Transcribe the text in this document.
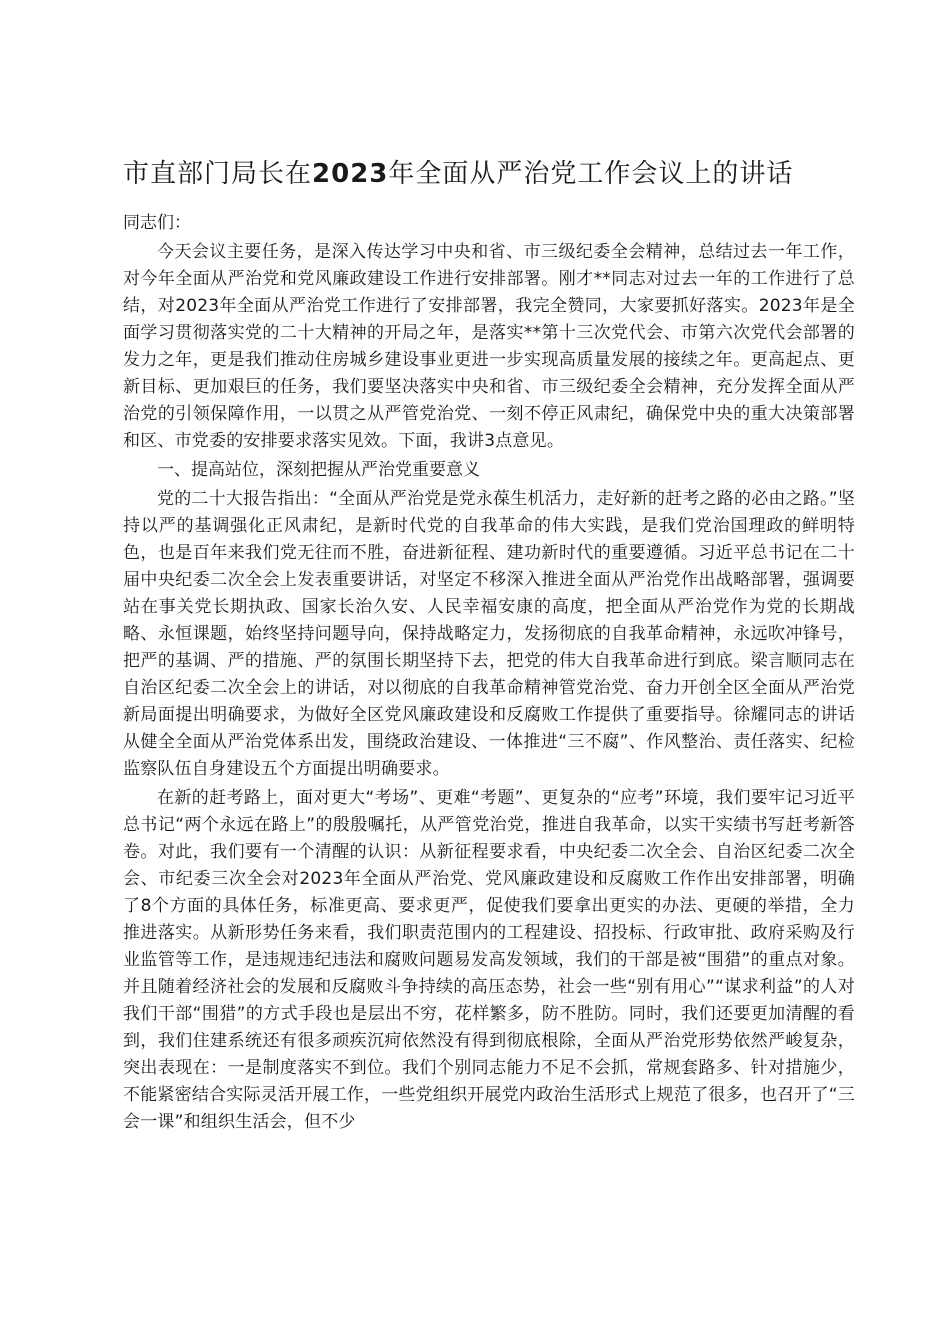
市直部门局长在2023年全面从严治党工作会议上的讲话

同志们：

今天会议主要任务，是深入传达学习中央和省、市三级纪委全会精神，总结过去一年工作，对今年全面从严治党和党风廉政建设工作进行安排部署。刚才**同志对过去一年的工作进行了总结，对2023年全面从严治党工作进行了安排部署，我完全赞同，大家要抓好落实。2023年是全面学习贯彻落实党的二十大精神的开局之年，是落实**第十三次党代会、市第六次党代会部署的发力之年，更是我们推动住房城乡建设事业更进一步实现高质量发展的接续之年。更高起点、更新目标、更加艰巨的任务，我们要坚决落实中央和省、市三级纪委全会精神，充分发挥全面从严治党的引领保障作用，一以贯之从严管党治党、一刻不停正风肃纪，确保党中央的重大决策部署和区、市党委的安排要求落实见效。下面，我讲3点意见。

一、提高站位，深刻把握从严治党重要意义

党的二十大报告指出：“全面从严治党是党永葆生机活力，走好新的赶考之路的必由之路。”坚持以严的基调强化正风肃纪，是新时代党的自我革命的伟大实践，是我们党治国理政的鲜明特色，也是百年来我们党无往而不胜，奋进新征程、建功新时代的重要遵循。习近平总书记在二十届中央纪委二次全会上发表重要讲话，对坚定不移深入推进全面从严治党作出战略部署，强调要站在事关党长期执政、国家长治久安、人民幸福安康的高度，把全面从严治党作为党的长期战略、永恒课题，始终坚持问题导向，保持战略定力，发扬彻底的自我革命精神，永远吹冲锋号，把严的基调、严的措施、严的氛围长期坚持下去，把党的伟大自我革命进行到底。梁言顺同志在自治区纪委二次全会上的讲话，对以彻底的自我革命精神管党治党、奋力开创全区全面从严治党新局面提出明确要求，为做好全区党风廉政建设和反腐败工作提供了重要指导。徐耀同志的讲话从健全全面从严治党体系出发，围绕政治建设、一体推进“三不腐”、作风整治、责任落实、纪检监察队伍自身建设五个方面提出明确要求。

在新的赶考路上，面对更大“考场”、更难“考题”、更复杂的“应考”环境，我们要牢记习近平总书记“两个永远在路上”的殷殷嘱托，从严管党治党，推进自我革命，以实干实绩书写赶考新答卷。对此，我们要有一个清醒的认识：从新征程要求看，中央纪委二次全会、自治区纪委二次全会、市纪委三次全会对2023年全面从严治党、党风廉政建设和反腐败工作作出安排部署，明确了8个方面的具体任务，标准更高、要求更严，促使我们要拿出更实的办法、更硬的举措，全力推进落实。从新形势任务来看，我们职责范围内的工程建设、招投标、行政审批、政府采购及行业监管等工作，是违规违纪违法和腐败问题易发高发领域，我们的干部是被“围猎”的重点对象。并且随着经济社会的发展和反腐败斗争持续的高压态势，社会一些“别有用心”“谋求利益”的人对我们干部“围猎”的方式手段也是层出不穷，花样繁多，防不胜防。同时，我们还要更加清醒的看到，我们住建系统还有很多顽疾沉疴依然没有得到彻底根除，全面从严治党形势依然严峻复杂，突出表现在：一是制度落实不到位。我们个别同志能力不足不会抓，常规套路多、针对措施少，不能紧密结合实际灵活开展工作，一些党组织开展党内政治生活形式上规范了很多，也召开了“三会一课”和组织生活会，但不少
